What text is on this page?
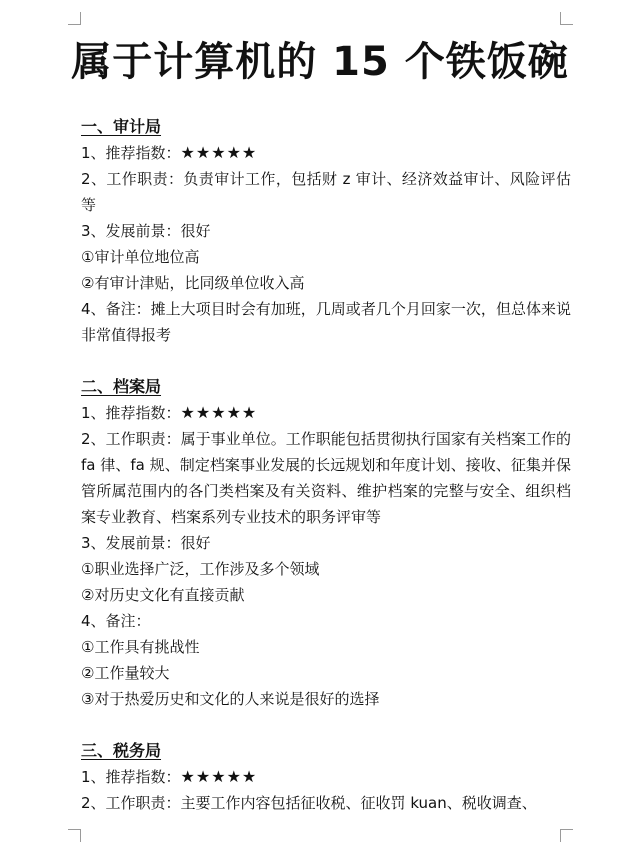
属于计算机的 15 个铁饭碗

一、审计局

1、推荐指数：★★★★★

2、工作职责：负责审计工作，包括财 z 审计、经济效益审计、风险评估等

3、发展前景：很好

①审计单位地位高

②有审计津贴，比同级单位收入高

4、备注：摊上大项目时会有加班，几周或者几个月回家一次，但总体来说非常值得报考

二、档案局

1、推荐指数：★★★★★

2、工作职责：属于事业单位。工作职能包括贯彻执行国家有关档案工作的 fa 律、fa 规、制定档案事业发展的长远规划和年度计划、接收、征集并保管所属范围内的各门类档案及有关资料、维护档案的完整与安全、组织档案专业教育、档案系列专业技术的职务评审等

3、发展前景：很好

①职业选择广泛，工作涉及多个领域

②对历史文化有直接贡献

4、备注：

①工作具有挑战性

②工作量较大

③对于热爱历史和文化的人来说是很好的选择

三、税务局

1、推荐指数：★★★★★

2、工作职责：主要工作内容包括征收税、征收罚 kuan、税收调查、
